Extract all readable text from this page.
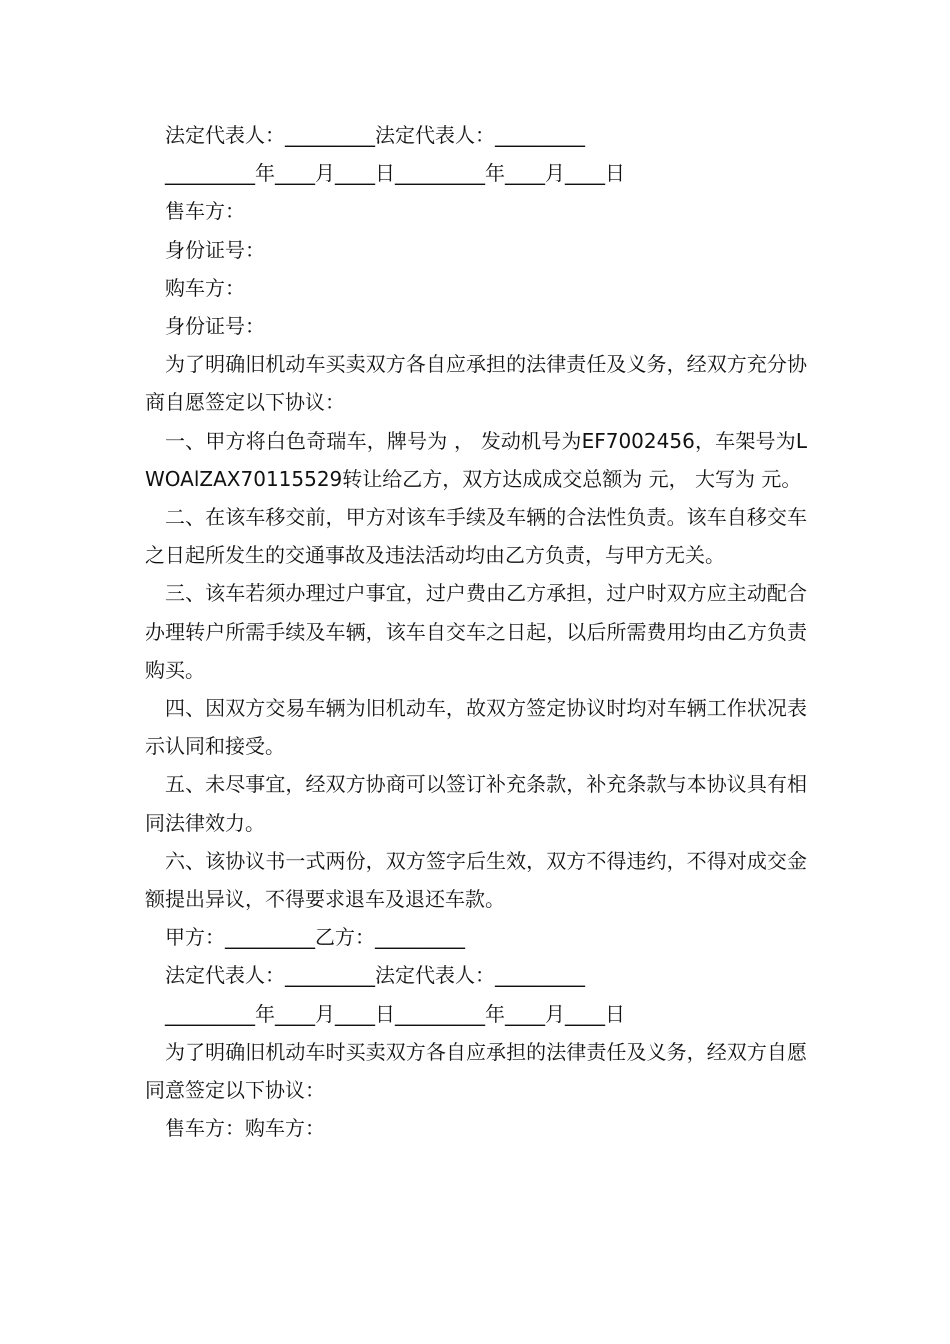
法定代表人：_________法定代表人：_________

_________年____月____日_________年____月____日

售车方：

身份证号：

购车方：

身份证号：

为了明确旧机动车买卖双方各自应承担的法律责任及义务，经双方充分协商自愿签定以下协议：

一、甲方将白色奇瑞车，牌号为 ， 发动机号为EF7002456，车架号为LWOAlZAX70115529转让给乙方，双方达成成交总额为 元， 大写为 元。

二、在该车移交前，甲方对该车手续及车辆的合法性负责。该车自移交车之日起所发生的交通事故及违法活动均由乙方负责，与甲方无关。

三、该车若须办理过户事宜，过户费由乙方承担，过户时双方应主动配合办理转户所需手续及车辆，该车自交车之日起，以后所需费用均由乙方负责购买。

四、因双方交易车辆为旧机动车，故双方签定协议时均对车辆工作状况表示认同和接受。

五、未尽事宜，经双方协商可以签订补充条款，补充条款与本协议具有相同法律效力。

六、该协议书一式两份，双方签字后生效，双方不得违约，不得对成交金额提出异议，不得要求退车及退还车款。

甲方：_________乙方：_________

法定代表人：_________法定代表人：_________

_________年____月____日_________年____月____日

为了明确旧机动车时买卖双方各自应承担的法律责任及义务，经双方自愿同意签定以下协议：

售车方：购车方：
